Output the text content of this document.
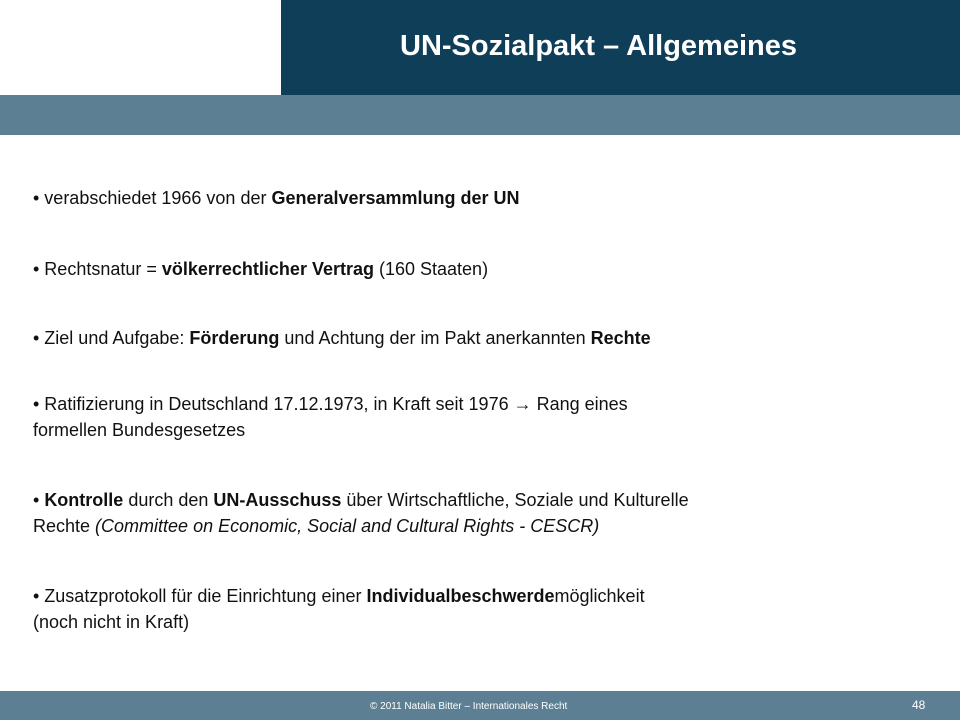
UN-Sozialpakt – Allgemeines
• verabschiedet 1966 von der Generalversammlung der UN
• Rechtsnatur = völkerrechtlicher Vertrag (160 Staaten)
• Ziel und Aufgabe: Förderung und Achtung der im Pakt anerkannten Rechte
• Ratifizierung in Deutschland 17.12.1973, in Kraft seit 1976 → Rang eines
formellen Bundesgesetzes
• Kontrolle durch den UN-Ausschuss über Wirtschaftliche, Soziale und Kulturelle
Rechte (Committee on Economic, Social and Cultural Rights - CESCR)
• Zusatzprotokoll für die Einrichtung einer Individualbeschwerdemöglichkeit
(noch nicht in Kraft)
© 2011 Natalia Bitter – Internationales Recht	48
